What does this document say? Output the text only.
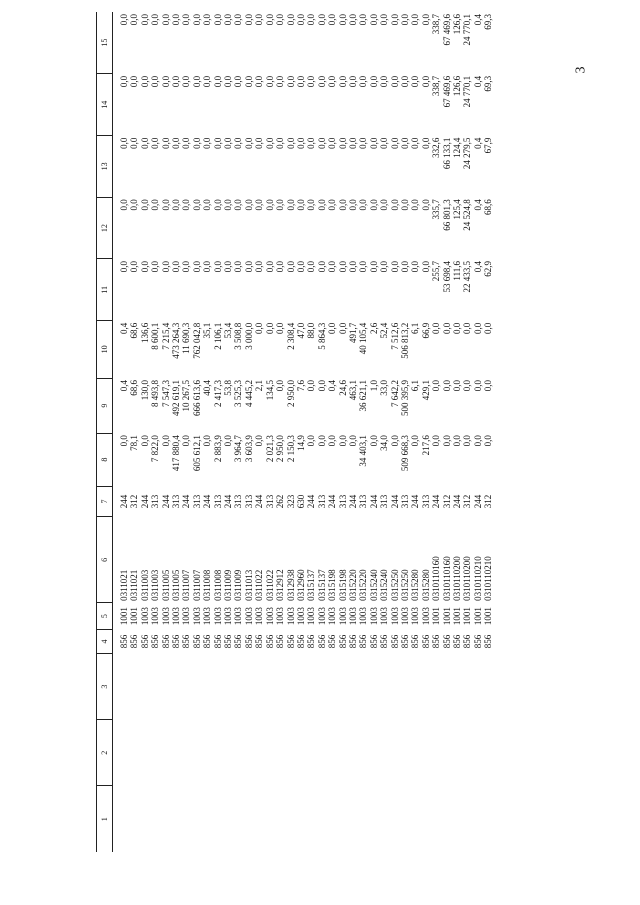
3
1	2	3	4	5	6	7	8	9	10	11	12	13	14	15
			856	1001	0311021	244	0,0	0,4	0,4	0,0	0,0	0,0	0,0	0,0
			856	1001	0311021	312	78,1	68,6	68,6	0,0	0,0	0,0	0,0	0,0
			856	1003	0311003	244	0,0	130,0	136,6	0,0	0,0	0,0	0,0	0,0
			856	1003	0311003	313	7 822,0	8 493,8	8 600,1	0,0	0,0	0,0	0,0	0,0
			856	1003	0311005	244	0,0	7 547,3	7 215,4	0,0	0,0	0,0	0,0	0,0
			856	1003	0311005	313	417 880,4	492 619,1	473 264,3	0,0	0,0	0,0	0,0	0,0
			856	1003	0311007	244	0,0	10 267,5	11 690,3	0,0	0,0	0,0	0,0	0,0
			856	1003	0311007	313	605 612,1	666 613,6	762 042,8	0,0	0,0	0,0	0,0	0,0
			856	1003	0311008	244	0,0	40,4	35,1	0,0	0,0	0,0	0,0	0,0
			856	1003	0311008	313	2 883,9	2 417,3	2 106,1	0,0	0,0	0,0	0,0	0,0
			856	1003	0311009	244	0,0	53,8	53,4	0,0	0,0	0,0	0,0	0,0
			856	1003	0311009	313	3 964,7	3 525,3	3 508,8	0,0	0,0	0,0	0,0	0,0
			856	1003	0311013	313	3 603,9	4 445,2	3 000,0	0,0	0,0	0,0	0,0	0,0
			856	1003	0311022	244	0,0	2,1	0,0	0,0	0,0	0,0	0,0	0,0
			856	1003	0311022	313	2 021,3	134,5	0,0	0,0	0,0	0,0	0,0	0,0
			856	1003	0312912	262	2 950,0	0,0	0,0	0,0	0,0	0,0	0,0	0,0
			856	1003	0312938	323	2 150,3	2 950,0	2 308,4	0,0	0,0	0,0	0,0	0,0
			856	1003	0312960	630	14,9	7,6	47,0	0,0	0,0	0,0	0,0	0,0
			856	1003	0315137	244	0,0	0,0	88,0	0,0	0,0	0,0	0,0	0,0
			856	1003	0315137	313	0,0	0,0	5 864,3	0,0	0,0	0,0	0,0	0,0
			856	1003	0315198	244	0,0	0,4	0,0	0,0	0,0	0,0	0,0	0,0
			856	1003	0315198	313	0,0	24,6	0,0	0,0	0,0	0,0	0,0	0,0
			856	1003	0315220	244	0,0	463,1	491,7	0,0	0,0	0,0	0,0	0,0
			856	1003	0315220	313	34 403,1	36 621,1	40 105,4	0,0	0,0	0,0	0,0	0,0
			856	1003	0315240	244	0,0	1,0	2,6	0,0	0,0	0,0	0,0	0,0
			856	1003	0315240	313	34,0	33,0	52,4	0,0	0,0	0,0	0,0	0,0
			856	1003	0315250	244	0,0	7 642,2	7 512,6	0,0	0,0	0,0	0,0	0,0
			856	1003	0315250	313	509 668,3	500 395,9	506 813,2	0,0	0,0	0,0	0,0	0,0
			856	1003	0315280	244	0,0	6,1	6,1	0,0	0,0	0,0	0,0	0,0
			856	1003	0315280	313	217,6	429,1	66,9	0,0	0,0	0,0	0,0	0,0
			856	1001	0310110160	244	0,0	0,0	0,0	255,7	335,7	332,6	338,7	338,7
			856	1001	0310110160	312	0,0	0,0	0,0	53 698,4	66 801,3	66 133,1	67 469,6	67 469,6
			856	1001	0310110200	244	0,0	0,0	0,0	111,6	125,4	124,4	126,6	126,6
			856	1001	0310110200	312	0,0	0,0	0,0	22 433,5	24 524,8	24 279,5	24 770,1	24 770,1
			856	1001	0310110210	244	0,0	0,0	0,0	0,4	0,4	0,4	0,4	0,4
			856	1001	0310110210	312	0,0	0,0	0,0	62,9	68,6	67,9	69,3	69,3
